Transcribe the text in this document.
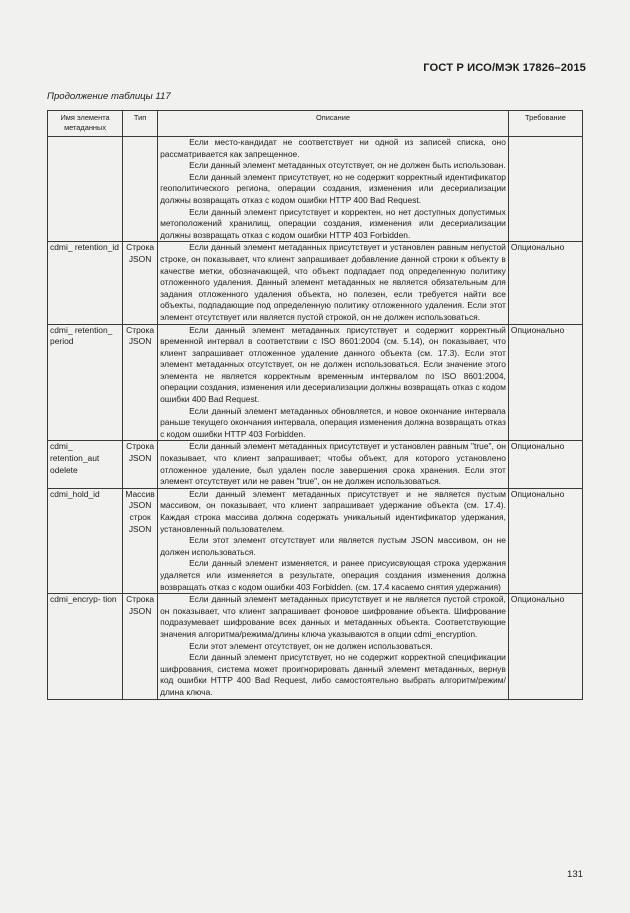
ГОСТ Р ИСО/МЭК 17826–2015
Продолжение таблицы 117
Имя элемента метаданных	Тип	Описание	Требование

		Если место-кандидат не соответствует ни одной из записей списка, оно рассматривается как запрещенное.

Если данный элемент метаданных отсутствует, он не должен быть использован.

Если данный элемент присутствует, но не содержит корректный идентификатор геополитического региона, операции создания, изменения или десериализации должны возвращать отказ с кодом ошибки HTTP 400 Bad Request.

Если данный элемент присутствует и корректен, но нет доступных допустимых метоположений хранилищ, операции создания, изменения или десериализации должны возвращать отказ с кодом ошибки HTTP 403 Forbidden.	

cdmi_ retention_id	Строка JSON	Если данный элемент метаданных присутствует и установлен равным непустой строке, он показывает, что клиент запрашивает добавление данной строки к объекту в качестве метки, обозначающей, что объект подпадает под определенную политику отложенного удаления. Данный элемент метаданных не является обязательным для задания отложенного удаления объекта, но полезен, если требуется найти все объекты, подпадающие под определенную политику отложенного удаления. Если этот элемент отсутствует или является пустой строкой, он не должен использоваться.	Опционально
cdmi_ retention_ period	Строка JSON	Если данный элемент метаданных присутствует и содержит корректный временной интервал в соответствии с ISO 8601:2004 (см. 5.14), он показывает, что клиент запрашивает отложенное удаление данного объекта (см. 17.3). Если этот элемент метаданных отсутствует, он не должен использоваться. Если значение этого элемента не является корректным временным интервалом по ISO 8601:2004, операции создания, изменения или десериализации должны возвращать отказ с кодом ошибки 400 Bad Request.

Если данный элемент метаданных обновляется, и новое окончание интервала раньше текущего окончания интервала, операция изменения должна возвращать отказ с кодом ошибки HTTP 403 Forbidden.	Опционально
cdmi_ retention_aut odelete	Строка JSON	Если данный элемент метаданных присутствует и установлен равным "true", он показывает, что клиент запрашивает; чтобы объект, для которого установлено отложенное удаление, был удален после завершения срока хранения. Если этот элемент отсутствует или не равен "true", он не должен использоваться.	Опционально
cdmi_hold_id	Массив JSON строк JSON	Если данный элемент метаданных присутствует и не является пустым массивом, он показывает, что клиент запрашивает удержание объекта (см. 17.4). Каждая строка массива должна содержать уникальный идентификатор удержания, установленный пользователем.

Если этот элемент отсутствует или является пустым JSON массивом, он не должен использоваться.

Если данный элемент изменяется, и ранее присуисвующая строка удержания удаляется или изменяется в результате, операция создания изменения должна возвращать отказ с кодом ошибки 403 Forbidden. (см. 17.4 касаемо снятия удержания)	Опционально
cdmi_encryp- tion	Строка JSON	Если данный элемент метаданных присутствует и не является пустой строкой, он показывает, что клиент запрашивает фоновое шифрование объекта. Шифрование подразумевает шифрование всех данных и метаданных объекта. Соответствующие значения алгоритма/режима/длины ключа указываются в опции cdmi_encryption.

Если этот элемент отсутствует, он не должен использоваться.

Если данный элемент присутствует, но не содержит корректной спецификации шифрования, система может проигнорировать данный элемент метаданных, вернув код ошибки HTTP 400 Bad Request, либо самостоятельно выбрать алгоритм/режим/длина ключа.	Опционально
131
